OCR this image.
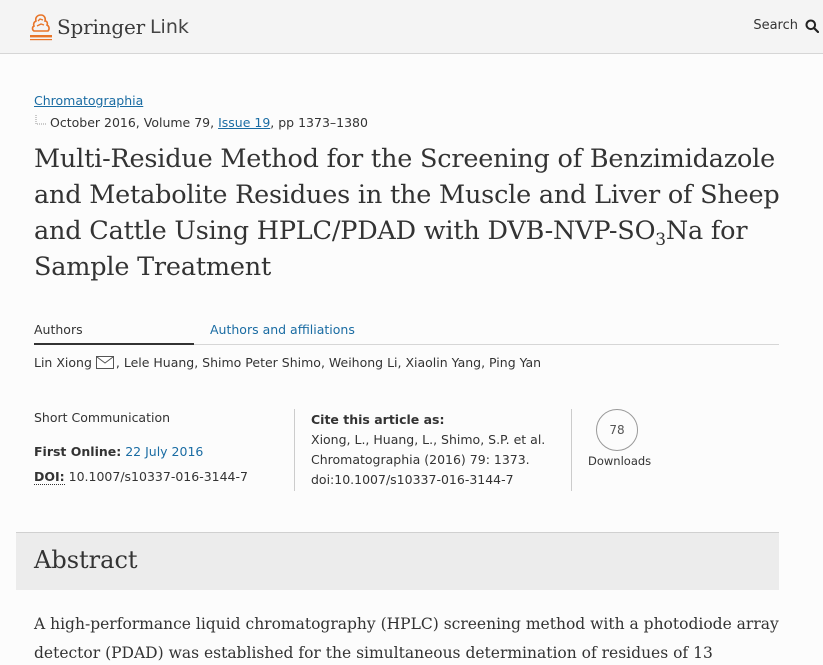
Springer Link	Search
Chromatographia
October 2016, Volume 79, Issue 19 , pp 1373–1380
Multi-Residue Method for the Screening of Benzimidazole and Metabolite Residues in the Muscle and Liver of Sheep and Cattle Using HPLC/PDAD with DVB-$NVP-SO_3Na$ for Sample Treatment
Authors	Authors and affiliations
Lin Xiong , Lele Huang, Shimo Peter Shimo, Weihong Li, Xiaolin Yang, Ping Yan
Short Communication
First Online: 22 July 2016
DOI: 10.1007/s10337-016-3144-7
Cite this article as:
Xiong, L., Huang, L., Shimo, S.P. et al.
Chromatographia (2016) 79: 1373.
doi:10.1007/s10337-016-3144-7
78
Downloads
Abstract

A high-performance liquid chromatography (HPLC) screening method with a photodiode array detector (PDAD) was established for the simultaneous determination of residues of 13
